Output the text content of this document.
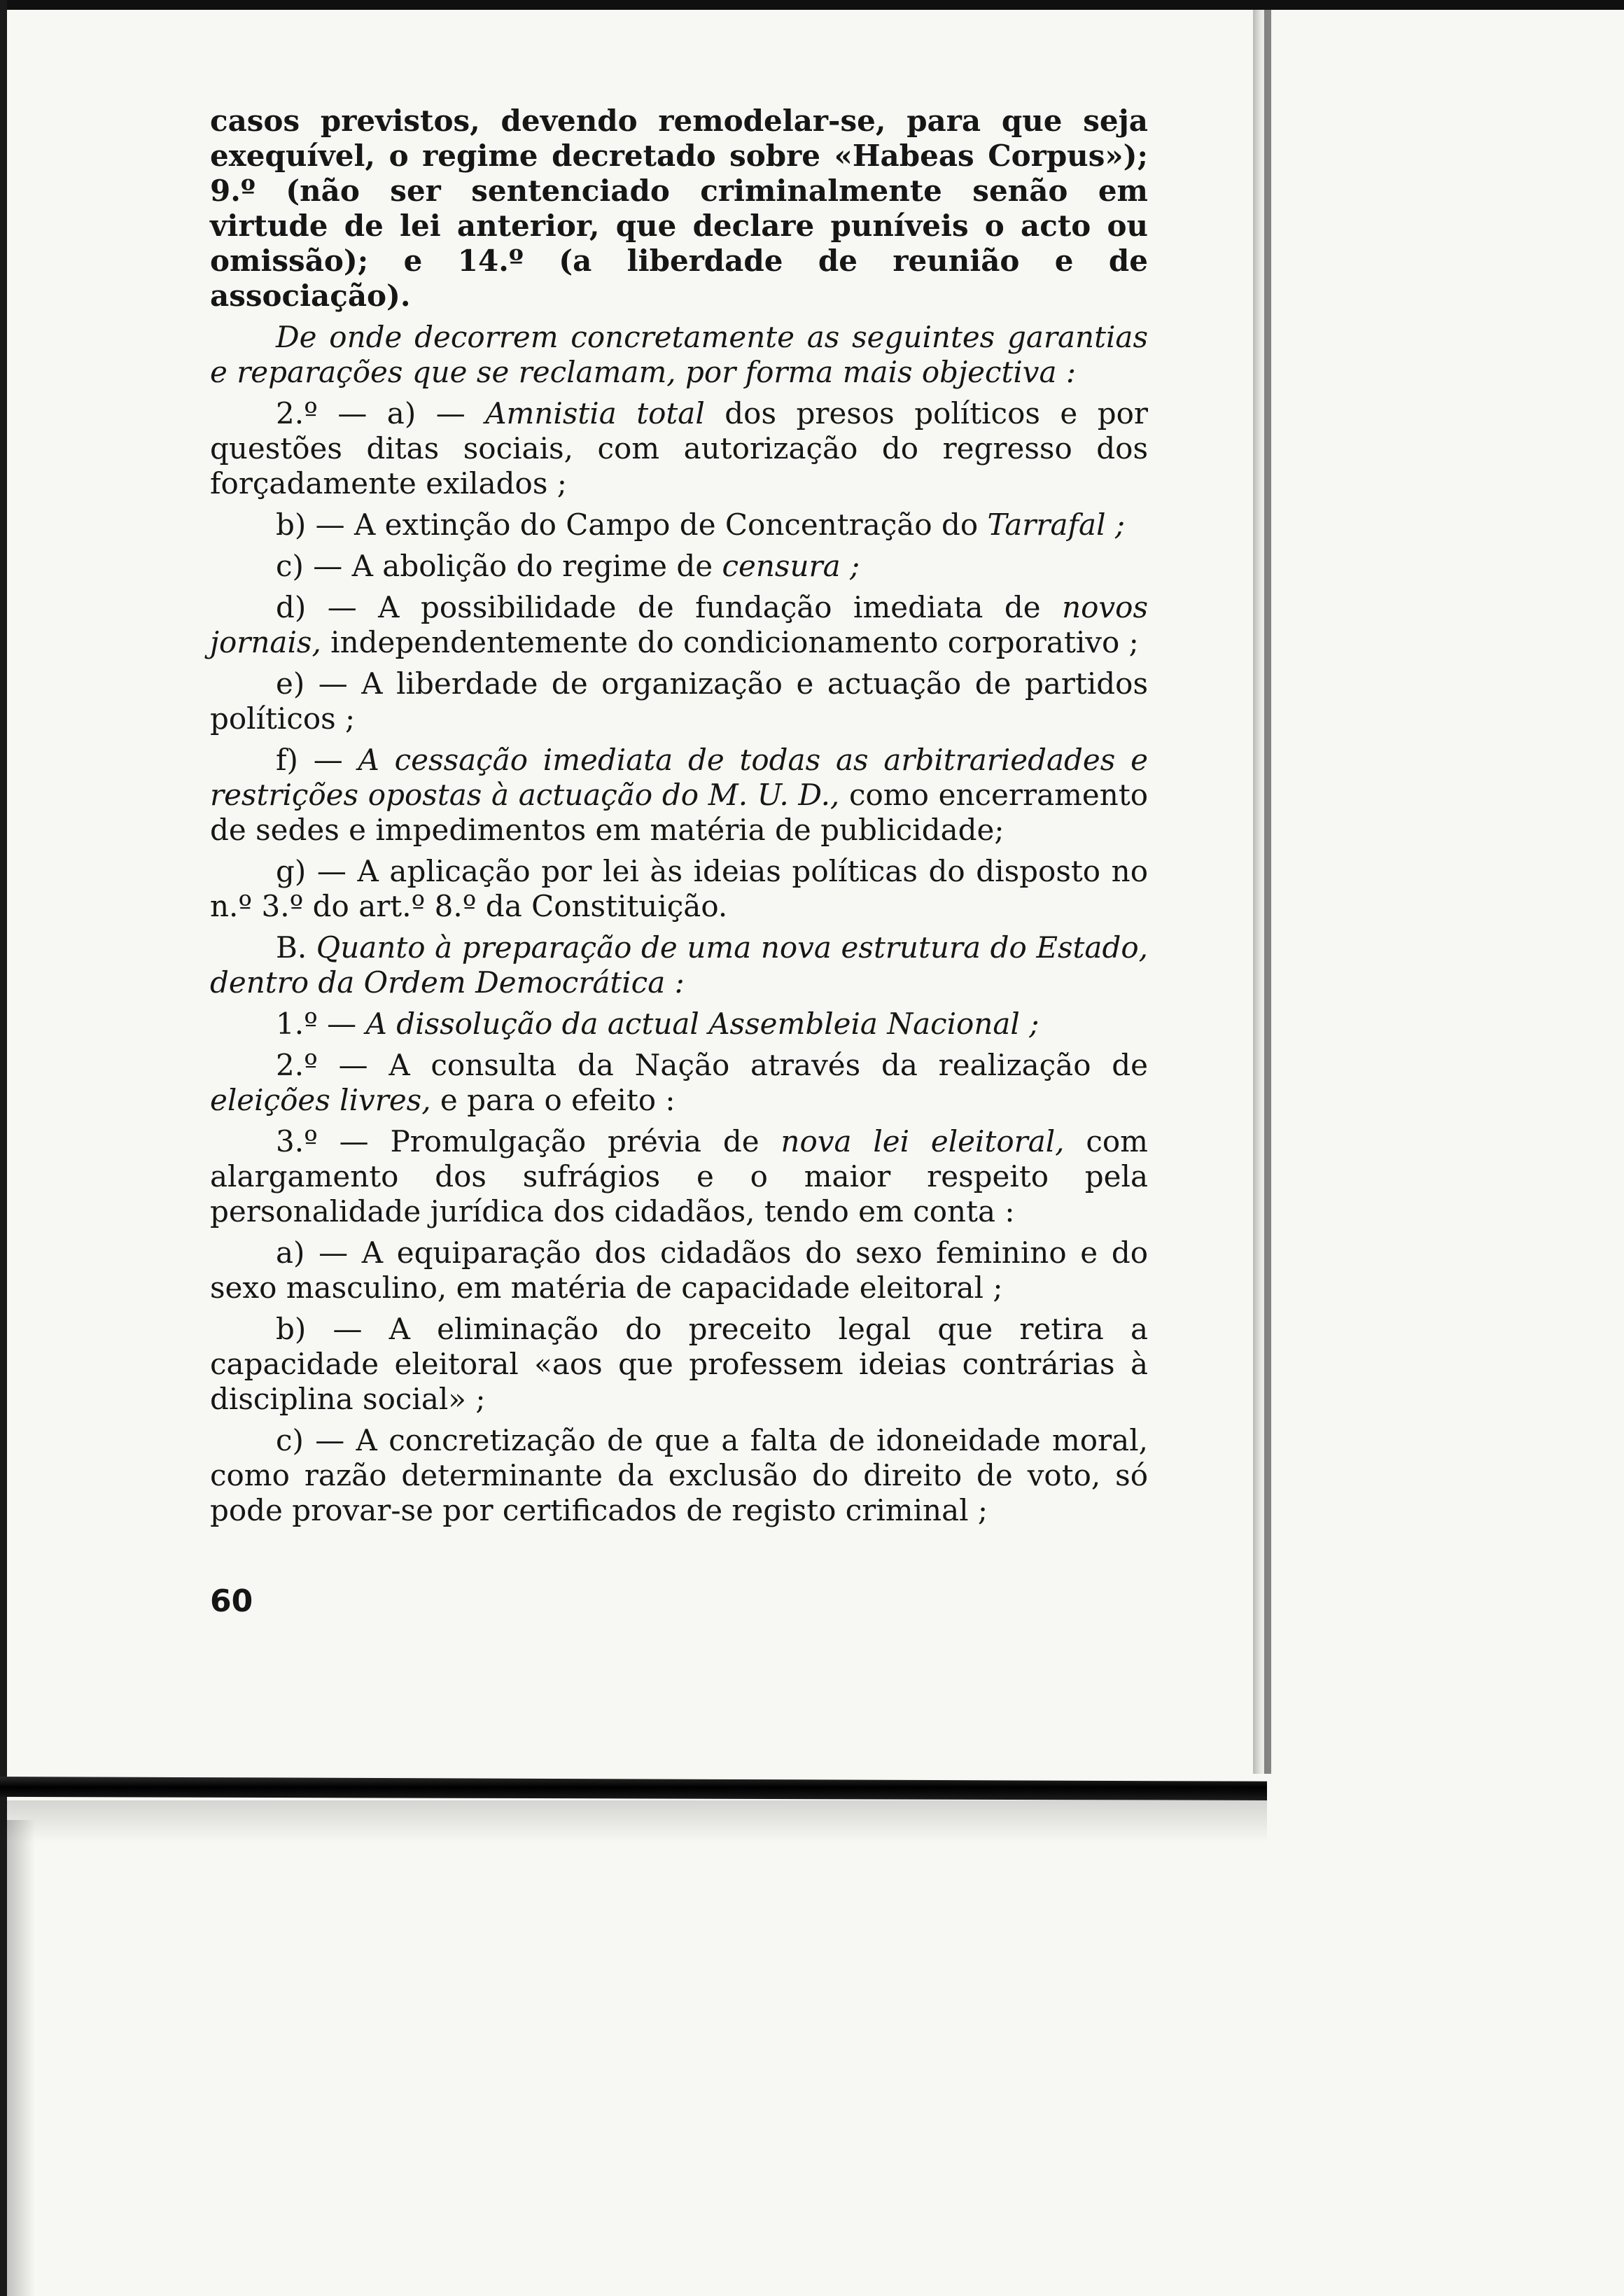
casos previstos, devendo remodelar-se, para que seja exequível, o regime decretado sobre «Habeas Corpus»); 9.º (não ser sentenciado criminalmente senão em virtude de lei anterior, que declare puníveis o acto ou omissão); e 14.º (a liberdade de reunião e de associação).

De onde decorrem concretamente as seguintes garantias e reparações que se reclamam, por forma mais objectiva :

2.º — a) — Amnistia total dos presos políticos e por questões ditas sociais, com autorização do regresso dos forçadamente exilados ;

b) — A extinção do Campo de Concentração do Tarrafal ;

c) — A abolição do regime de censura ;

d) — A possibilidade de fundação imediata de novos jornais, independentemente do condicionamento corporativo ;

e) — A liberdade de organização e actuação de partidos políticos ;

f) — A cessação imediata de todas as arbitrariedades e restrições opostas à actuação do M. U. D., como encerramento de sedes e impedimentos em matéria de publicidade;

g) — A aplicação por lei às ideias políticas do disposto no n.º 3.º do art.º 8.º da Constituição.

B. Quanto à preparação de uma nova estrutura do Estado, dentro da Ordem Democrática :

1.º — A dissolução da actual Assembleia Nacional ;

2.º — A consulta da Nação através da realização de eleições livres, e para o efeito :

3.º — Promulgação prévia de nova lei eleitoral, com alargamento dos sufrágios e o maior respeito pela personalidade jurídica dos cidadãos, tendo em conta :

a) — A equiparação dos cidadãos do sexo feminino e do sexo masculino, em matéria de capacidade eleitoral ;

b) — A eliminação do preceito legal que retira a capacidade eleitoral «aos que professem ideias contrárias à disciplina social» ;

c) — A concretização de que a falta de idoneidade moral, como razão determinante da exclusão do direito de voto, só pode provar-se por certificados de registo criminal ;

60
